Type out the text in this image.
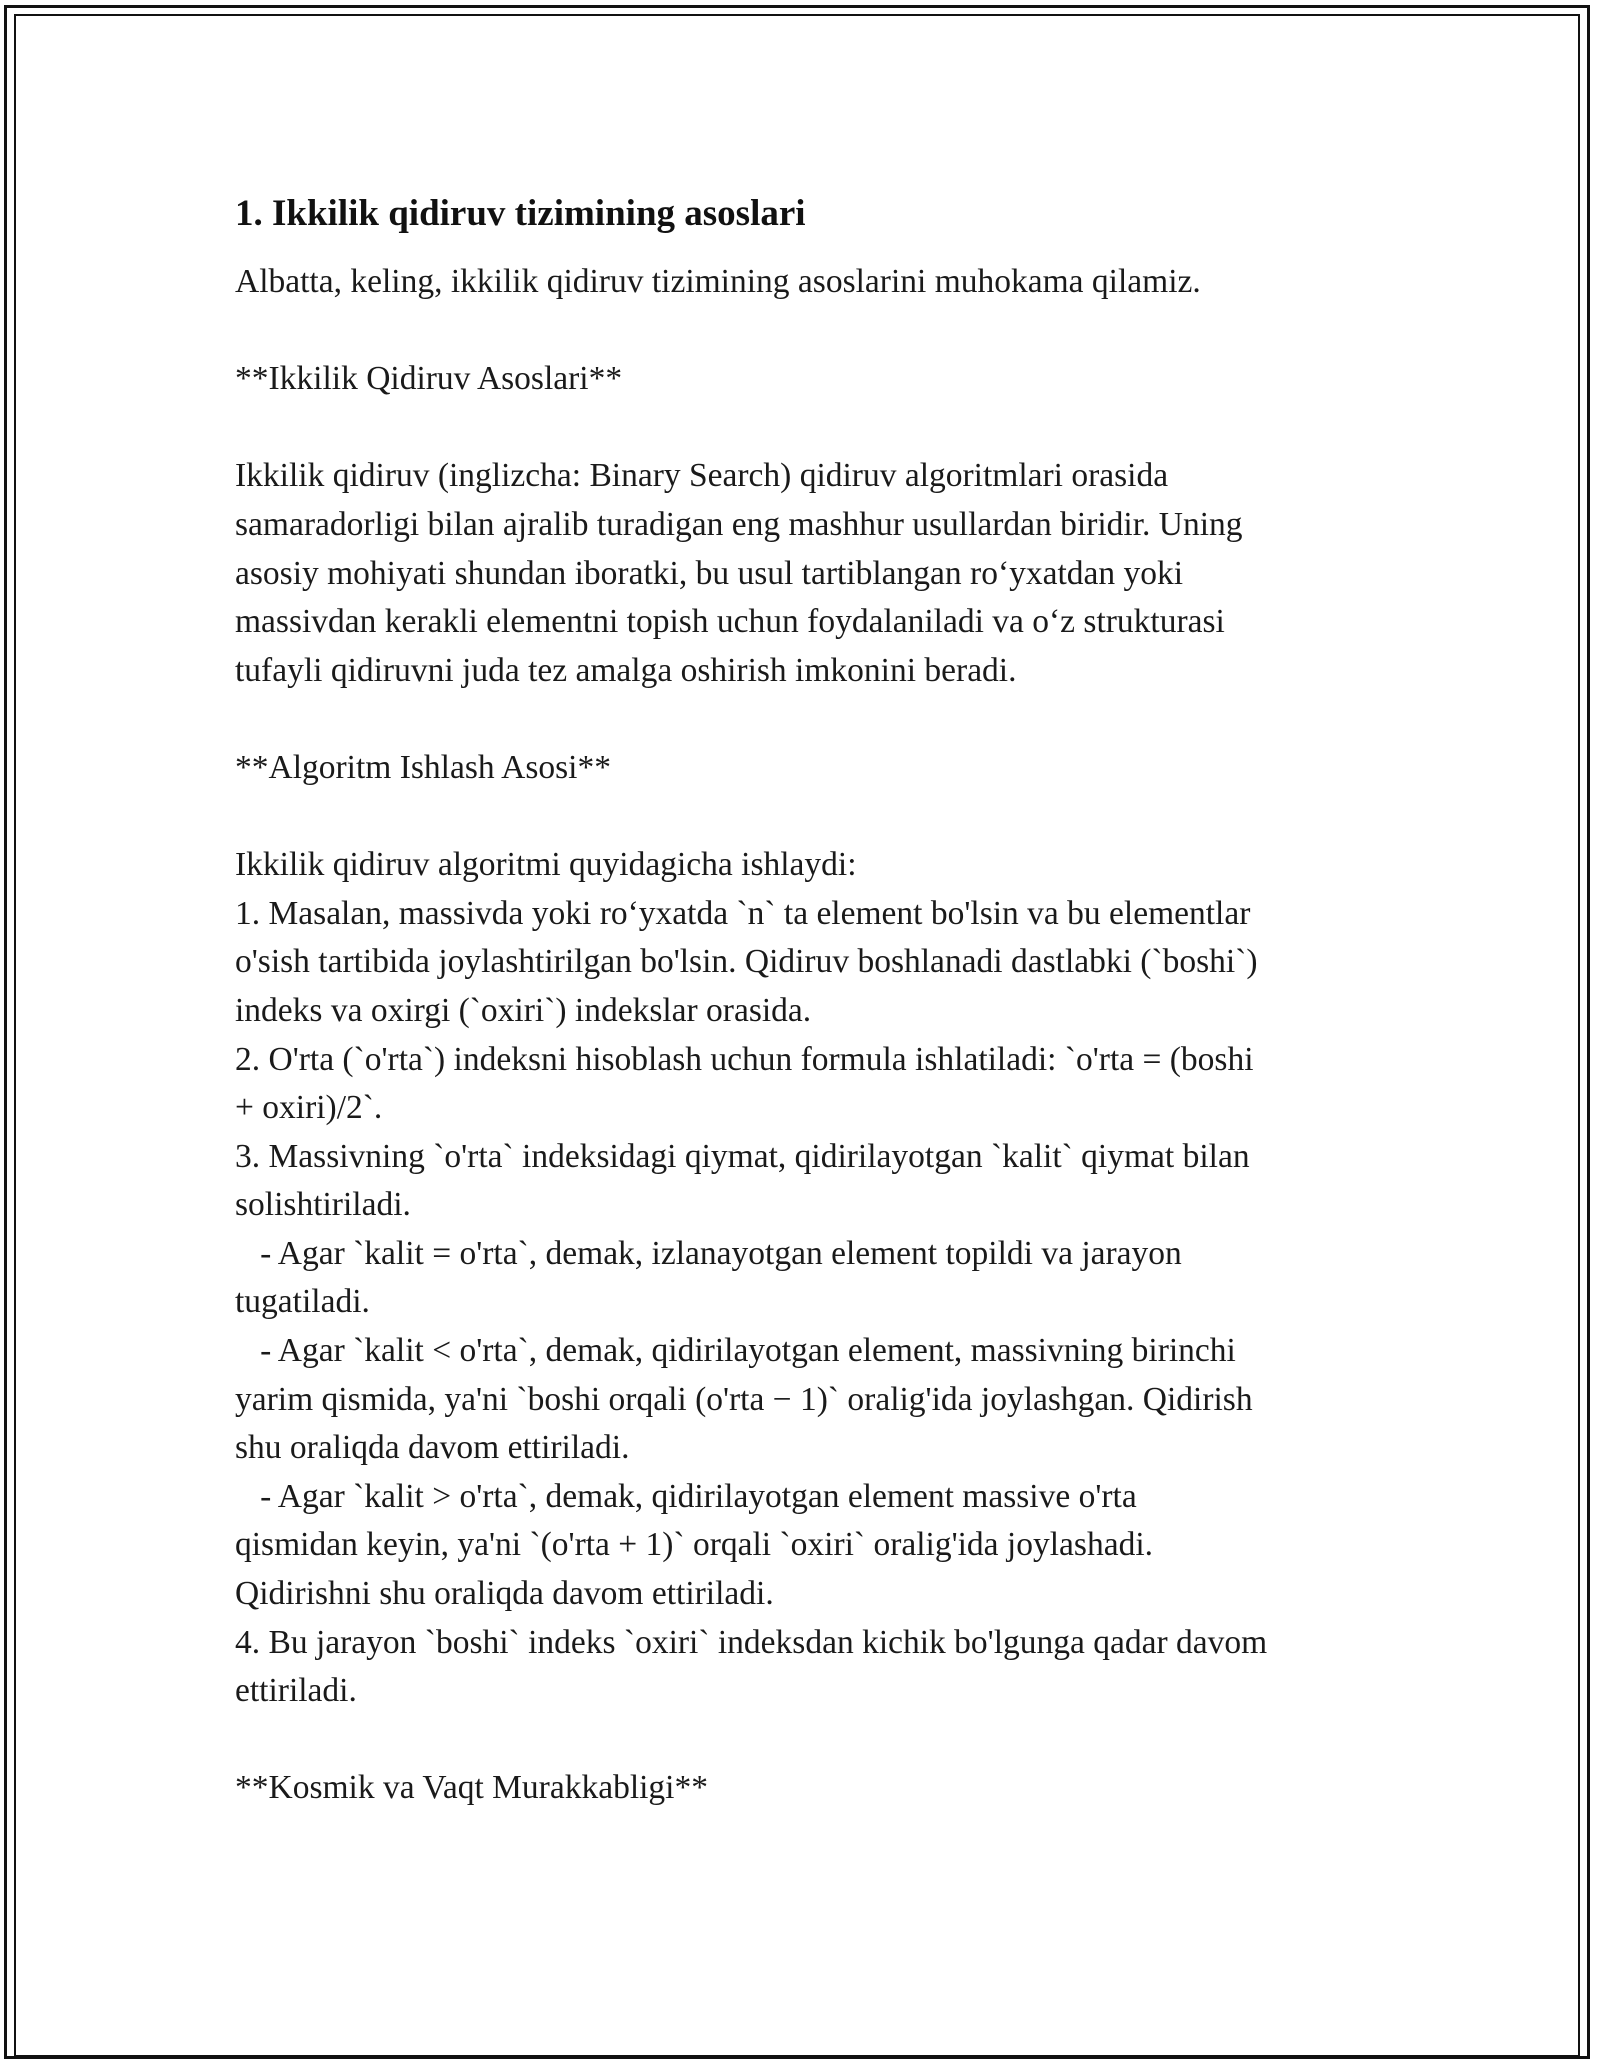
1. Ikkilik qidiruv tizimining asoslari
Albatta, keling, ikkilik qidiruv tizimining asoslarini muhokama qilamiz.
**Ikkilik Qidiruv Asoslari**
Ikkilik qidiruv (inglizcha: Binary Search) qidiruv algoritmlari orasida
samaradorligi bilan ajralib turadigan eng mashhur usullardan biridir. Uning
asosiy mohiyati shundan iboratki, bu usul tartiblangan ro‘yxatdan yoki
massivdan kerakli elementni topish uchun foydalaniladi va o‘z strukturasi
tufayli qidiruvni juda tez amalga oshirish imkonini beradi.
**Algoritm Ishlash Asosi**
Ikkilik qidiruv algoritmi quyidagicha ishlaydi:
1. Masalan, massivda yoki ro‘yxatda `n` ta element bo'lsin va bu elementlar
o'sish tartibida joylashtirilgan bo'lsin. Qidiruv boshlanadi dastlabki (`boshi`)
indeks va oxirgi (`oxiri`) indekslar orasida.
2. O'rta (`o'rta`) indeksni hisoblash uchun formula ishlatiladi: `o'rta = (boshi
+ oxiri)/2`.
3. Massivning `o'rta` indeksidagi qiymat, qidirilayotgan `kalit` qiymat bilan
solishtiriladi.
- Agar `kalit = o'rta`, demak, izlanayotgan element topildi va jarayon
tugatiladi.
- Agar `kalit < o'rta`, demak, qidirilayotgan element, massivning birinchi
yarim qismida, ya'ni `boshi orqali (o'rta − 1)` oralig'ida joylashgan. Qidirish
shu oraliqda davom ettiriladi.
- Agar `kalit > o'rta`, demak, qidirilayotgan element massive o'rta
qismidan keyin, ya'ni `(o'rta + 1)` orqali `oxiri` oralig'ida joylashadi.
Qidirishni shu oraliqda davom ettiriladi.
4. Bu jarayon `boshi` indeks `oxiri` indeksdan kichik bo'lgunga qadar davom
ettiriladi.
**Kosmik va Vaqt Murakkabligi**
